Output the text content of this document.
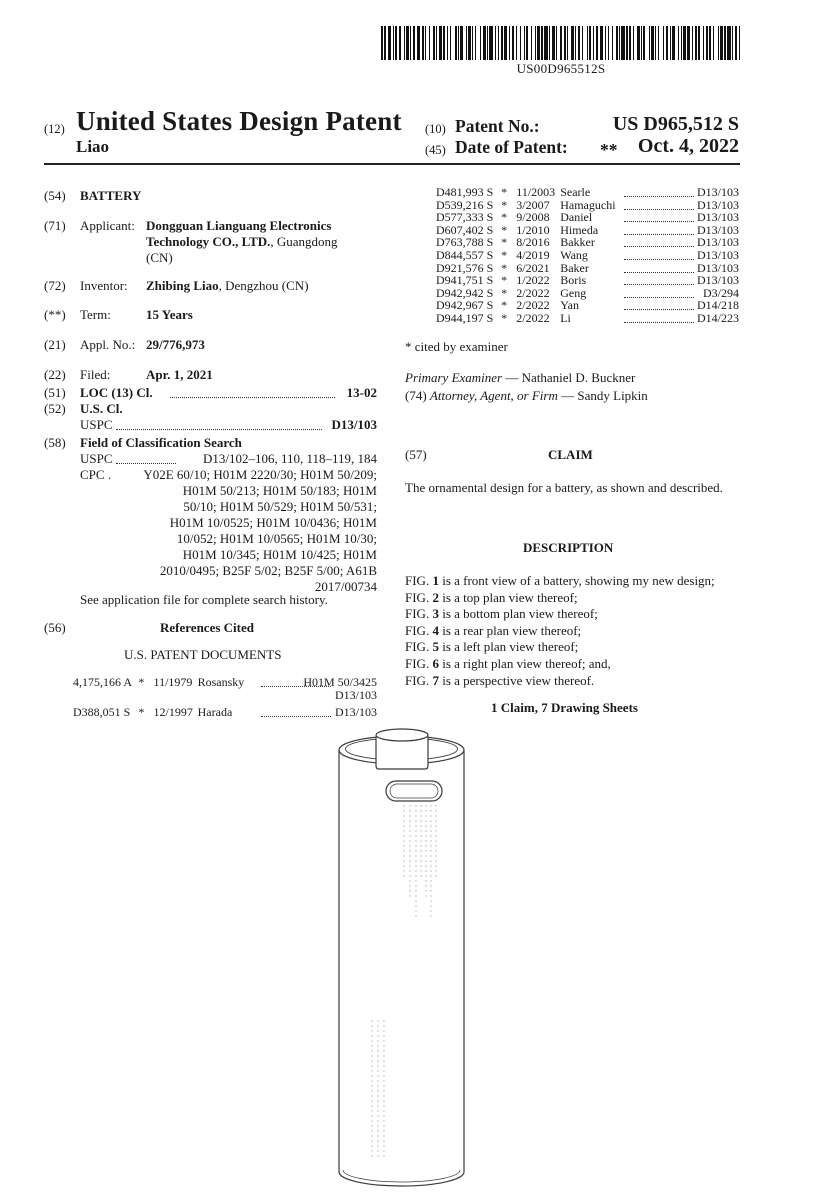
US00D965512S
(12) United States Design Patent
Liao
(10) Patent No.:	US D965,512 S
(45) Date of Patent: ** Oct. 4, 2022
(54) BATTERY
(71) Applicant: Dongguan Lianguang Electronics
Technology CO., LTD., Guangdong
(CN)
(72) Inventor: Zhibing Liao, Dengzhou (CN)
(**) Term:	15 Years
(21) Appl. No.: 29/776,973
(22) Filed:	Apr. 1, 2021
(51) LOC (13) Cl.	13-02
(52) U.S. Cl.
USPC	D13/103
(58) Field of Classification Search
USPC	D13/102–106, 110, 118–119, 184
CPC .	Y02E 60/10; H01M 2220/30; H01M 50/209;
H01M 50/213; H01M 50/183; H01M
50/10; H01M 50/529; H01M 50/531;
H01M 10/0525; H01M 10/0436; H01M
10/052; H01M 10/0565; H01M 10/30;
H01M 10/345; H01M 10/425; H01M
2010/0495; B25F 5/02; B25F 5/00; A61B
2017/00734
See application file for complete search history.
(56)	References Cited
U.S. PATENT DOCUMENTS
4,175,166 A * 11/1979 Rosansky	H01M 50/3425
D13/103
D388,051 S * 12/1997 Harada	D13/103
D481,993 S * 11/2003 Searle	D13/103
D539,216 S * 3/2007 Hamaguchi	D13/103
D577,333 S * 9/2008 Daniel	D13/103
D607,402 S * 1/2010 Himeda	D13/103
D763,788 S * 8/2016 Bakker	D13/103
D844,557 S * 4/2019 Wang	D13/103
D921,576 S * 6/2021 Baker	D13/103
D941,751 S * 1/2022 Boris	D13/103
D942,942 S * 2/2022 Geng	D3/294
D942,967 S * 2/2022 Yan	D14/218
D944,197 S * 2/2022 Li	D14/223
* cited by examiner
Primary Examiner — Nathaniel D. Buckner
(74) Attorney, Agent, or Firm — Sandy Lipkin
(57)	CLAIM
The ornamental design for a battery, as shown and described.
DESCRIPTION
FIG. 1 is a front view of a battery, showing my new design;
FIG. 2 is a top plan view thereof;
FIG. 3 is a bottom plan view thereof;
FIG. 4 is a rear plan view thereof;
FIG. 5 is a left plan view thereof;
FIG. 6 is a right plan view thereof; and,
FIG. 7 is a perspective view thereof.
1 Claim, 7 Drawing Sheets
